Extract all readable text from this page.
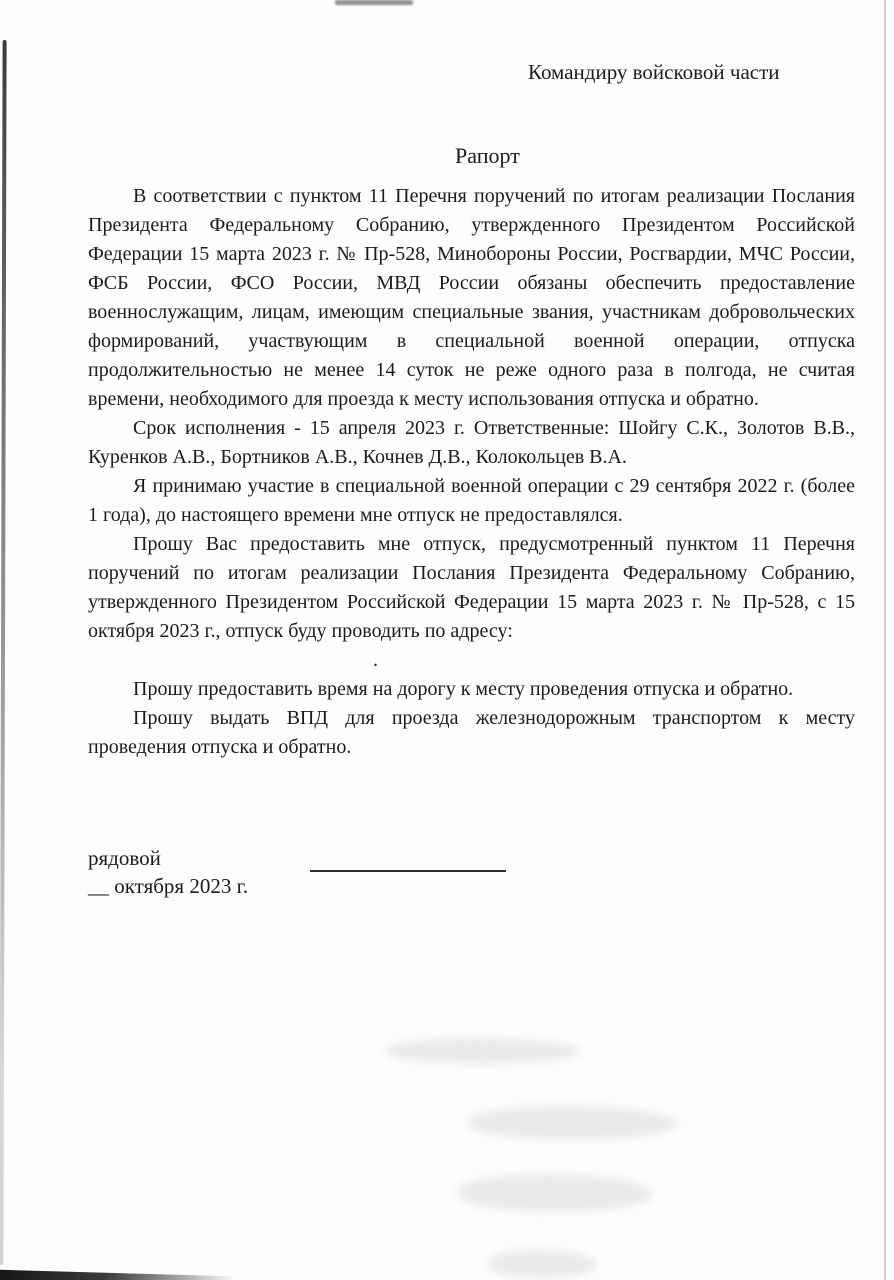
Командиру войсковой части
Рапорт

В соответствии с пунктом 11 Перечня поручений по итогам реализации Послания Президента Федеральному Собранию, утвержденного Президентом Российской Федерации 15 марта 2023 г. № Пр-528, Минобороны России, Росгвардии, МЧС России, ФСБ России, ФСО России, МВД России обязаны обеспечить предоставление военнослужащим, лицам, имеющим специальные звания, участникам добровольческих формирований, участвующим в специальной военной операции, отпуска продолжительностью не менее 14 суток не реже одного раза в полгода, не считая времени, необходимого для проезда к месту использования отпуска и обратно.

Срок исполнения - 15 апреля 2023 г. Ответственные: Шойгу С.К., Золотов В.В., Куренков А.В., Бортников А.В., Кочнев Д.В., Колокольцев В.А.

Я принимаю участие в специальной военной операции с 29 сентября 2022 г. (более 1 года), до настоящего времени мне отпуск не предоставлялся.

Прошу Вас предоставить мне отпуск, предусмотренный пунктом 11 Перечня поручений по итогам реализации Послания Президента Федеральному Собранию, утвержденного Президентом Российской Федерации 15 марта 2023 г. № Пр-528, с 15 октября 2023 г., отпуск буду проводить по адресу:

.

Прошу предоставить время на дорогу к месту проведения отпуска и обратно.

Прошу выдать ВПД для проезда железнодорожным транспортом к месту проведения отпуска и обратно.

рядовой
__ октября 2023 г.
